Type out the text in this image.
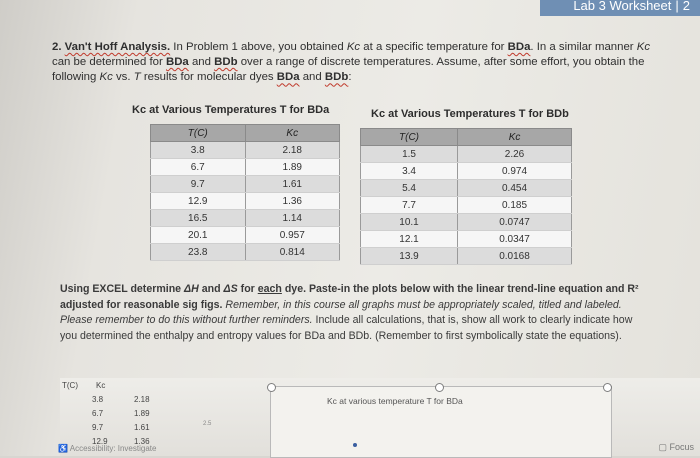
Lab 3 Worksheet | 2
2. Van't Hoff Analysis. In Problem 1 above, you obtained Kc at a specific temperature for BDa. In a similar manner Kc can be determined for BDa and BDb over a range of discrete temperatures. Assume, after some effort, you obtain the following Kc vs. T results for molecular dyes BDa and BDb:
Kc at Various Temperatures T for BDa	Kc at Various Temperatures T for BDb
T(C)	Kc
3.8	2.18
6.7	1.89
9.7	1.61
12.9	1.36
16.5	1.14
20.1	0.957
23.8	0.814
T(C)	Kc
1.5	2.26
3.4	0.974
5.4	0.454
7.7	0.185
10.1	0.0747
12.1	0.0347
13.9	0.0168
Using EXCEL determine ΔH and ΔS for each dye. Paste-in the plots below with the linear trend-line equation and R² adjusted for reasonable sig figs. Remember, in this course all graphs must be appropriately scaled, titled and labeled. Please remember to do this without further reminders. Include all calculations, that is, show all work to clearly indicate how you determined the enthalpy and entropy values for BDa and BDb. (Remember to first symbolically state the equations).
T(C) Kc
3.8	2.18
6.7	1.89
9.7	1.61
12.9	1.36
2.5
Kc at various temperature T for BDa
♿ Accessibility: Investigate	▢ Focus
